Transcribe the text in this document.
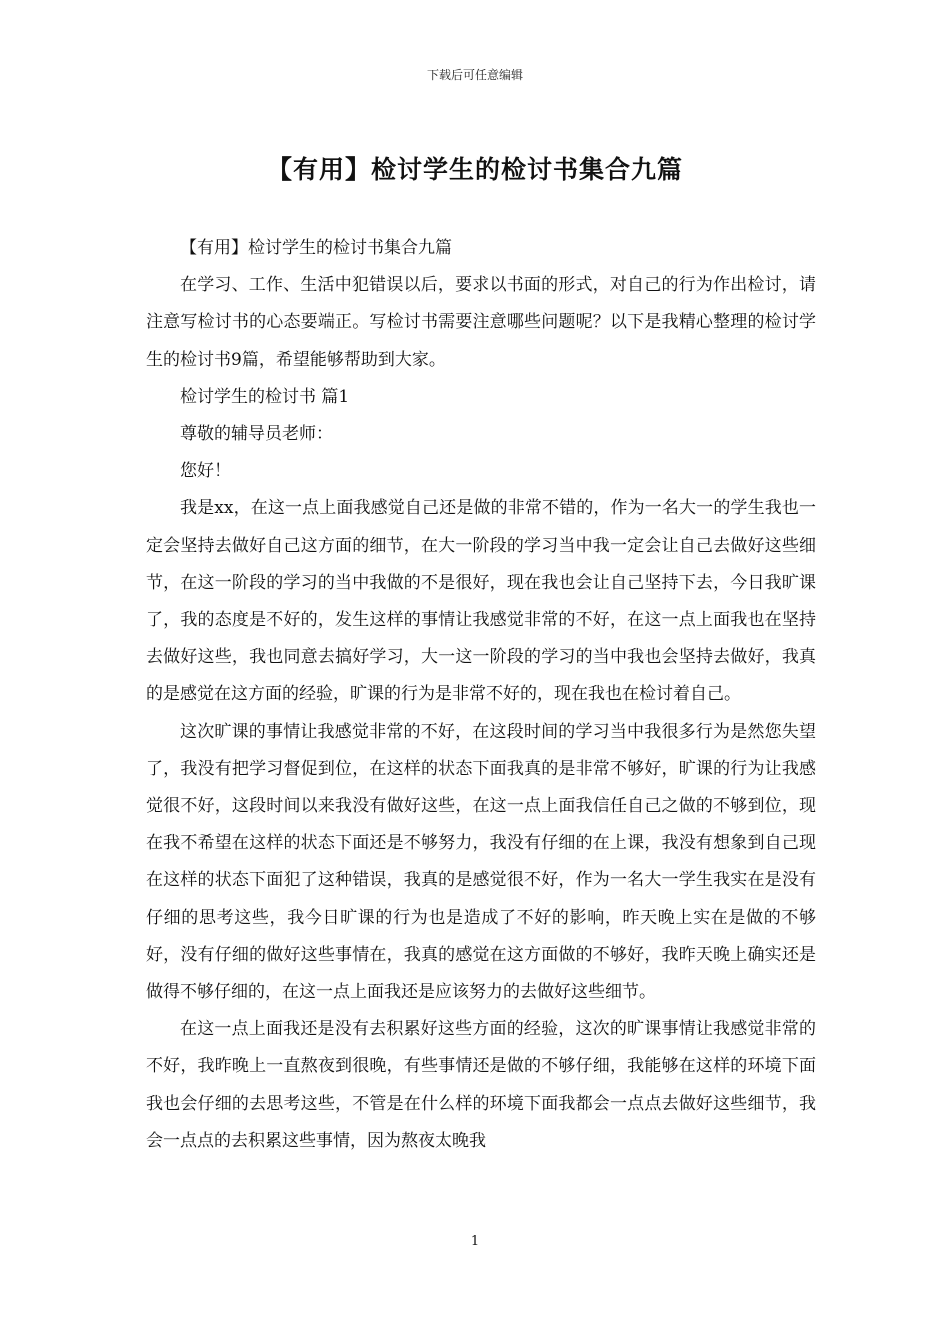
下载后可任意编辑
【有用】检讨学生的检讨书集合九篇

【有用】检讨学生的检讨书集合九篇

在学习、工作、生活中犯错误以后，要求以书面的形式，对自己的行为作出检讨，请注意写检讨书的心态要端正。写检讨书需要注意哪些问题呢？以下是我精心整理的检讨学生的检讨书9篇，希望能够帮助到大家。

检讨学生的检讨书 篇1

尊敬的辅导员老师：

您好！

我是xx，在这一点上面我感觉自己还是做的非常不错的，作为一名大一的学生我也一定会坚持去做好自己这方面的细节，在大一阶段的学习当中我一定会让自己去做好这些细节，在这一阶段的学习的当中我做的不是很好，现在我也会让自己坚持下去，今日我旷课了，我的态度是不好的，发生这样的事情让我感觉非常的不好，在这一点上面我也在坚持去做好这些，我也同意去搞好学习，大一这一阶段的学习的当中我也会坚持去做好，我真的是感觉在这方面的经验，旷课的行为是非常不好的，现在我也在检讨着自己。

这次旷课的事情让我感觉非常的不好，在这段时间的学习当中我很多行为是然您失望了，我没有把学习督促到位，在这样的状态下面我真的是非常不够好，旷课的行为让我感觉很不好，这段时间以来我没有做好这些，在这一点上面我信任自己之做的不够到位，现在我不希望在这样的状态下面还是不够努力，我没有仔细的在上课，我没有想象到自己现在这样的状态下面犯了这种错误，我真的是感觉很不好，作为一名大一学生我实在是没有仔细的思考这些，我今日旷课的行为也是造成了不好的影响，昨天晚上实在是做的不够好，没有仔细的做好这些事情在，我真的感觉在这方面做的不够好，我昨天晚上确实还是做得不够仔细的，在这一点上面我还是应该努力的去做好这些细节。

在这一点上面我还是没有去积累好这些方面的经验，这次的旷课事情让我感觉非常的不好，我昨晚上一直熬夜到很晚，有些事情还是做的不够仔细，我能够在这样的环境下面我也会仔细的去思考这些，不管是在什么样的环境下面我都会一点点去做好这些细节，我会一点点的去积累这些事情，因为熬夜太晚我

1
